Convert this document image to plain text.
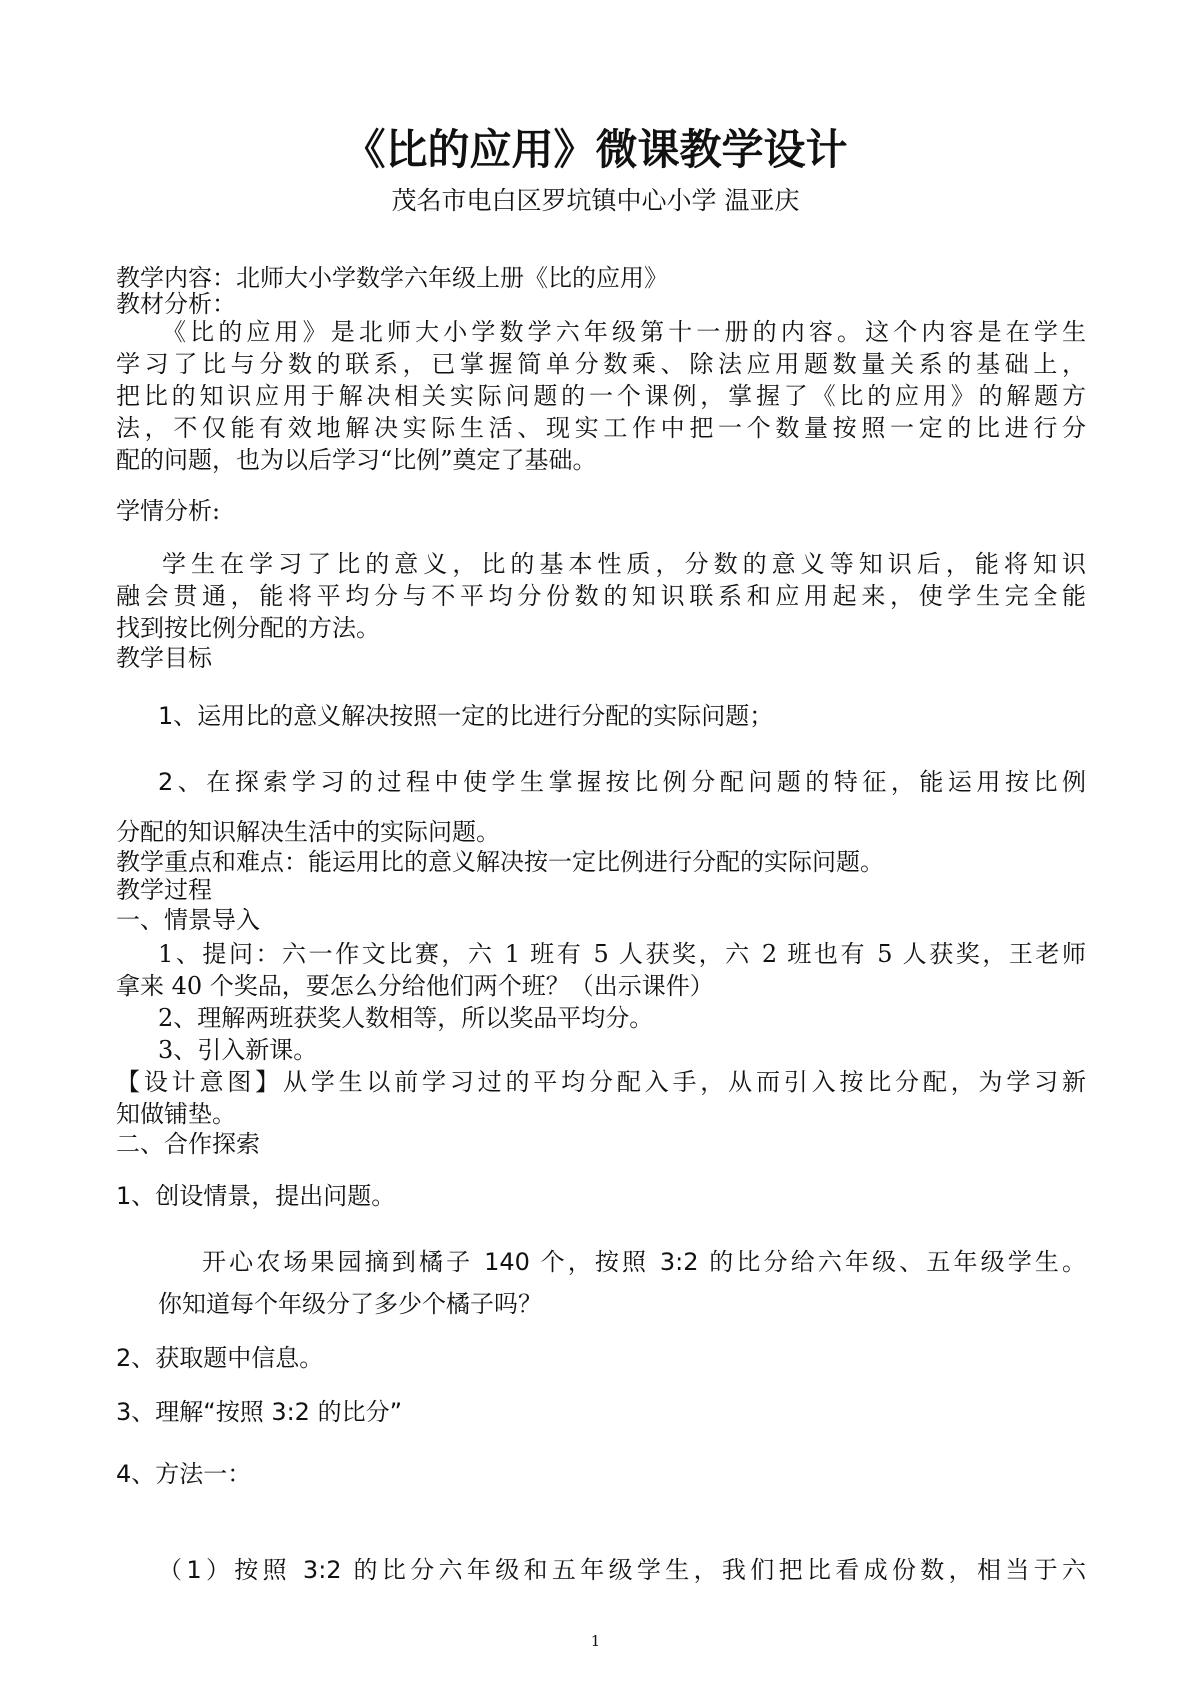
《比的应用》微课教学设计
茂名市电白区罗坑镇中心小学 温亚庆
教学内容：北师大小学数学六年级上册《比的应用》
教材分析：
《比的应用》是北师大小学数学六年级第十一册的内容。这个内容是在学生
学习了比与分数的联系，已掌握简单分数乘、除法应用题数量关系的基础上，
把比的知识应用于解决相关实际问题的一个课例，掌握了《比的应用》的解题方
法，不仅能有效地解决实际生活、现实工作中把一个数量按照一定的比进行分
配的问题，也为以后学习“比例”奠定了基础。
学情分析:
学生在学习了比的意义，比的基本性质，分数的意义等知识后，能将知识
融会贯通，能将平均分与不平均分份数的知识联系和应用起来，使学生完全能
找到按比例分配的方法。
教学目标
1、运用比的意义解决按照一定的比进行分配的实际问题；
2、在探索学习的过程中使学生掌握按比例分配问题的特征，能运用按比例
分配的知识解决生活中的实际问题。
教学重点和难点：能运用比的意义解决按一定比例进行分配的实际问题。
教学过程
一、情景导入
1、提问：六一作文比赛，六 1 班有 5 人获奖，六 2 班也有 5 人获奖，王老师
拿来 40 个奖品，要怎么分给他们两个班？（出示课件）
2、理解两班获奖人数相等，所以奖品平均分。
3、引入新课。
【设计意图】从学生以前学习过的平均分配入手，从而引入按比分配，为学习新
知做铺垫。
二、合作探索
1、创设情景，提出问题。
开心农场果园摘到橘子 140 个，按照 3:2 的比分给六年级、五年级学生。
你知道每个年级分了多少个橘子吗？
2、获取题中信息。
3、理解“按照 3:2 的比分”
4、方法一：
（1）按照 3:2 的比分六年级和五年级学生，我们把比看成份数，相当于六
1
